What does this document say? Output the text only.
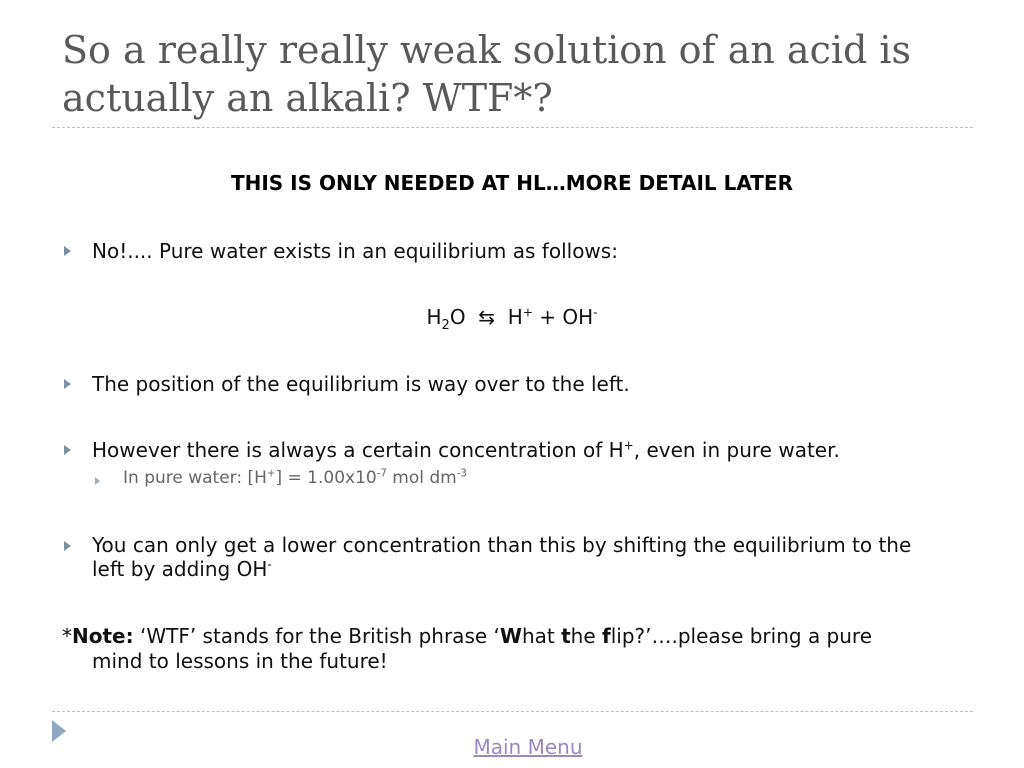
So a really really weak solution of an acid is
actually an alkali? WTF*?
THIS IS ONLY NEEDED AT HL…MORE DETAIL LATER
No!.... Pure water exists in an equilibrium as follows:
$H_2O$ ⇆ H+ + OH-
The position of the equilibrium is way over to the left.
However there is always a certain concentration of H+, even in pure water.
In pure water: $[H^+] = 1.00x10^{-7}$ mol $dm^{-3}$
You can only get a lower concentration than this by shifting the equilibrium to the
left by adding OH-
*Note: ‘WTF’ stands for the British phrase ‘What the flip?’….please bring a pure
mind to lessons in the future!
Main Menu
